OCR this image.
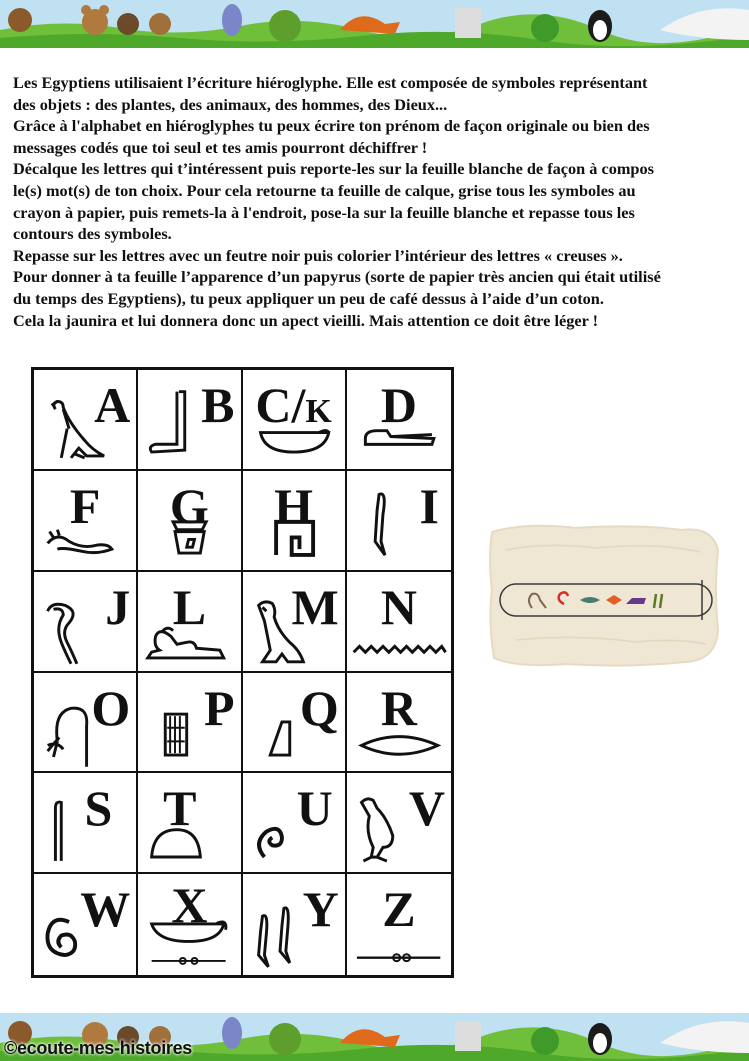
Les Egyptiens utilisaient l’écriture hiéroglyphe. Elle est composée de symboles représentant

des objets : des plantes, des animaux, des hommes, des Dieux...

Grâce à l'alphabet en hiéroglyphes tu peux écrire ton prénom de façon originale ou bien des

messages codés que toi seul et tes amis pourront déchiffrer !

Décalque les lettres qui t’intéressent puis reporte-les sur la feuille blanche de façon à compos

le(s) mot(s) de ton choix. Pour cela retourne ta feuille de calque, grise tous les symboles au

crayon à papier, puis remets-la à l'endroit, pose-la sur la feuille blanche et repasse tous les

contours des symboles.

Repasse sur les lettres avec un feutre noir puis colorier l’intérieur des lettres « creuses ».

Pour donner à ta feuille l’apparence d’un papyrus (sorte de papier très ancien qui était utilisé

du temps des Egyptiens), tu peux appliquer un peu de café dessus à l’aide d’un coton.

Cela la jaunira et lui donnera donc un apect vieilli. Mais attention ce doit être léger !

A B C/K D
F	G	H	I
J L	M N
O P Q R
S T U V
W X	Y Z
©ecoute-mes-histoires
